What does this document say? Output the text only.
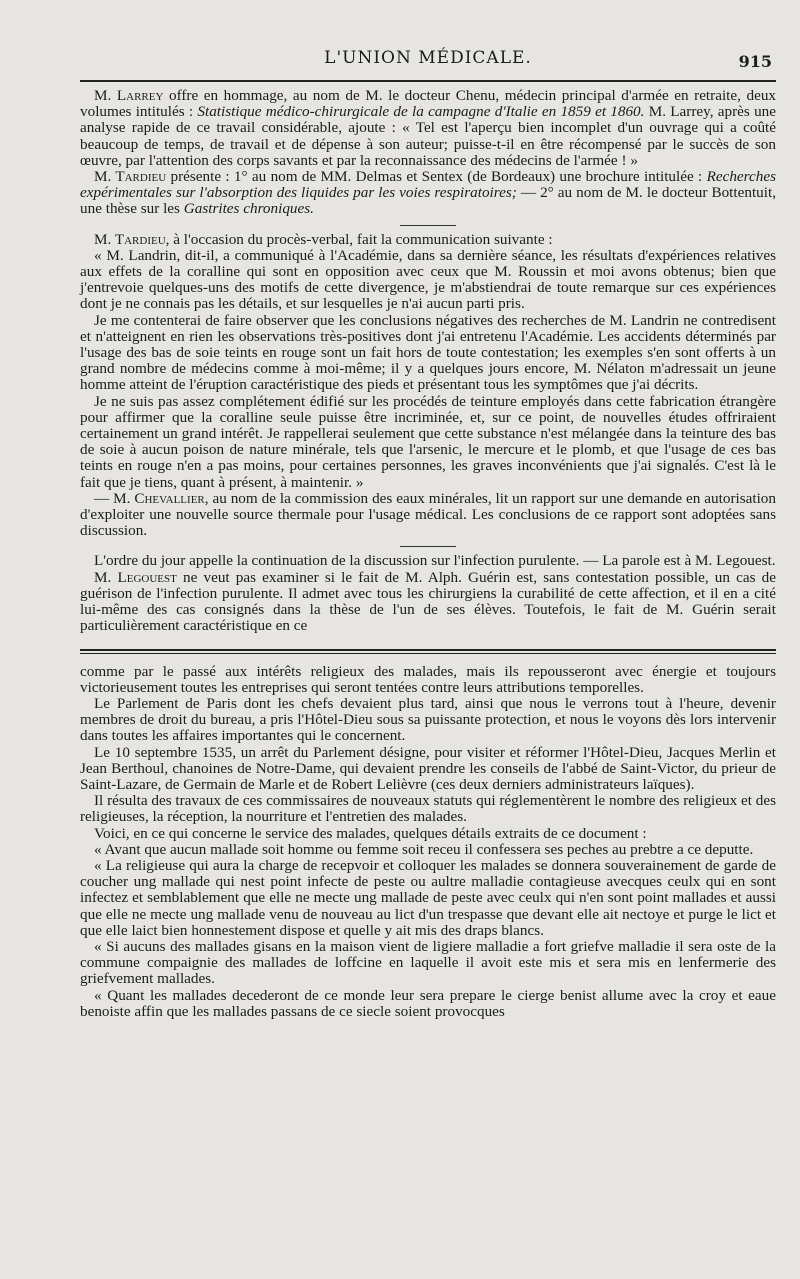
L'UNION MÉDICALE.	915

M. Larrey offre en hommage, au nom de M. le docteur Chenu, médecin principal d'armée en retraite, deux volumes intitulés : Statistique médico-chirurgicale de la campagne d'Italie en 1859 et 1860. M. Larrey, après une analyse rapide de ce travail considérable, ajoute : « Tel est l'aperçu bien incomplet d'un ouvrage qui a coûté beaucoup de temps, de travail et de dépense à son auteur; puisse-t-il en être récompensé par le succès de son œuvre, par l'attention des corps savants et par la reconnaissance des médecins de l'armée ! »

M. Tardieu présente : 1° au nom de MM. Delmas et Sentex (de Bordeaux) une brochure intitulée : Recherches expérimentales sur l'absorption des liquides par les voies respiratoires; — 2° au nom de M. le docteur Bottentuit, une thèse sur les Gastrites chroniques.

M. Tardieu, à l'occasion du procès-verbal, fait la communication suivante :

« M. Landrin, dit-il, a communiqué à l'Académie, dans sa dernière séance, les résultats d'expériences relatives aux effets de la coralline qui sont en opposition avec ceux que M. Roussin et moi avons obtenus; bien que j'entrevoie quelques-uns des motifs de cette divergence, je m'abstiendrai de toute remarque sur ces expériences dont je ne connais pas les détails, et sur lesquelles je n'ai aucun parti pris.

Je me contenterai de faire observer que les conclusions négatives des recherches de M. Landrin ne contredisent et n'atteignent en rien les observations très-positives dont j'ai entretenu l'Académie. Les accidents déterminés par l'usage des bas de soie teints en rouge sont un fait hors de toute contestation; les exemples s'en sont offerts à un grand nombre de médecins comme à moi-même; il y a quelques jours encore, M. Nélaton m'adressait un jeune homme atteint de l'éruption caractéristique des pieds et présentant tous les symptômes que j'ai décrits.

Je ne suis pas assez complétement édifié sur les procédés de teinture employés dans cette fabrication étrangère pour affirmer que la coralline seule puisse être incriminée, et, sur ce point, de nouvelles études offriraient certainement un grand intérêt. Je rappellerai seulement que cette substance n'est mélangée dans la teinture des bas de soie à aucun poison de nature minérale, tels que l'arsenic, le mercure et le plomb, et que l'usage de ces bas teints en rouge n'en a pas moins, pour certaines personnes, les graves inconvénients que j'ai signalés. C'est là le fait que je tiens, quant à présent, à maintenir. »

— M. Chevallier, au nom de la commission des eaux minérales, lit un rapport sur une demande en autorisation d'exploiter une nouvelle source thermale pour l'usage médical. Les conclusions de ce rapport sont adoptées sans discussion.

L'ordre du jour appelle la continuation de la discussion sur l'infection purulente. — La parole est à M. Legouest.

M. Legouest ne veut pas examiner si le fait de M. Alph. Guérin est, sans contestation possible, un cas de guérison de l'infection purulente. Il admet avec tous les chirurgiens la curabilité de cette affection, et il en a cité lui-même des cas consignés dans la thèse de l'un de ses élèves. Toutefois, le fait de M. Guérin serait particulièrement caractéristique en ce

comme par le passé aux intérêts religieux des malades, mais ils repousseront avec énergie et toujours victorieusement toutes les entreprises qui seront tentées contre leurs attributions temporelles.

Le Parlement de Paris dont les chefs devaient plus tard, ainsi que nous le verrons tout à l'heure, devenir membres de droit du bureau, a pris l'Hôtel-Dieu sous sa puissante protection, et nous le voyons dès lors intervenir dans toutes les affaires importantes qui le concernent.

Le 10 septembre 1535, un arrêt du Parlement désigne, pour visiter et réformer l'Hôtel-Dieu, Jacques Merlin et Jean Berthoul, chanoines de Notre-Dame, qui devaient prendre les conseils de l'abbé de Saint-Victor, du prieur de Saint-Lazare, de Germain de Marle et de Robert Lelièvre (ces deux derniers administrateurs laïques).

Il résulta des travaux de ces commissaires de nouveaux statuts qui réglementèrent le nombre des religieux et des religieuses, la réception, la nourriture et l'entretien des malades.

Voici, en ce qui concerne le service des malades, quelques détails extraits de ce document :

« Avant que aucun mallade soit homme ou femme soit receu il confessera ses peches au prebtre a ce deputte.

« La religieuse qui aura la charge de recepvoir et colloquer les malades se donnera souverainement de garde de coucher ung mallade qui nest point infecte de peste ou aultre malladie contagieuse avecques ceulx qui en sont infectez et semblablement que elle ne mecte ung mallade de peste avec ceulx qui n'en sont point mallades et aussi que elle ne mecte ung mallade venu de nouveau au lict d'un trespasse que devant elle ait nectoye et purge le lict et que elle laict bien honnestement dispose et quelle y ait mis des draps blancs.

« Si aucuns des mallades gisans en la maison vient de ligiere malladie a fort griefve malladie il sera oste de la commune compaignie des mallades de loffcine en laquelle il avoit este mis et sera mis en lenfermerie des griefvement mallades.

« Quant les mallades decederont de ce monde leur sera prepare le cierge benist allume avec la croy et eaue benoiste affin que les mallades passans de ce siecle soient provocques
